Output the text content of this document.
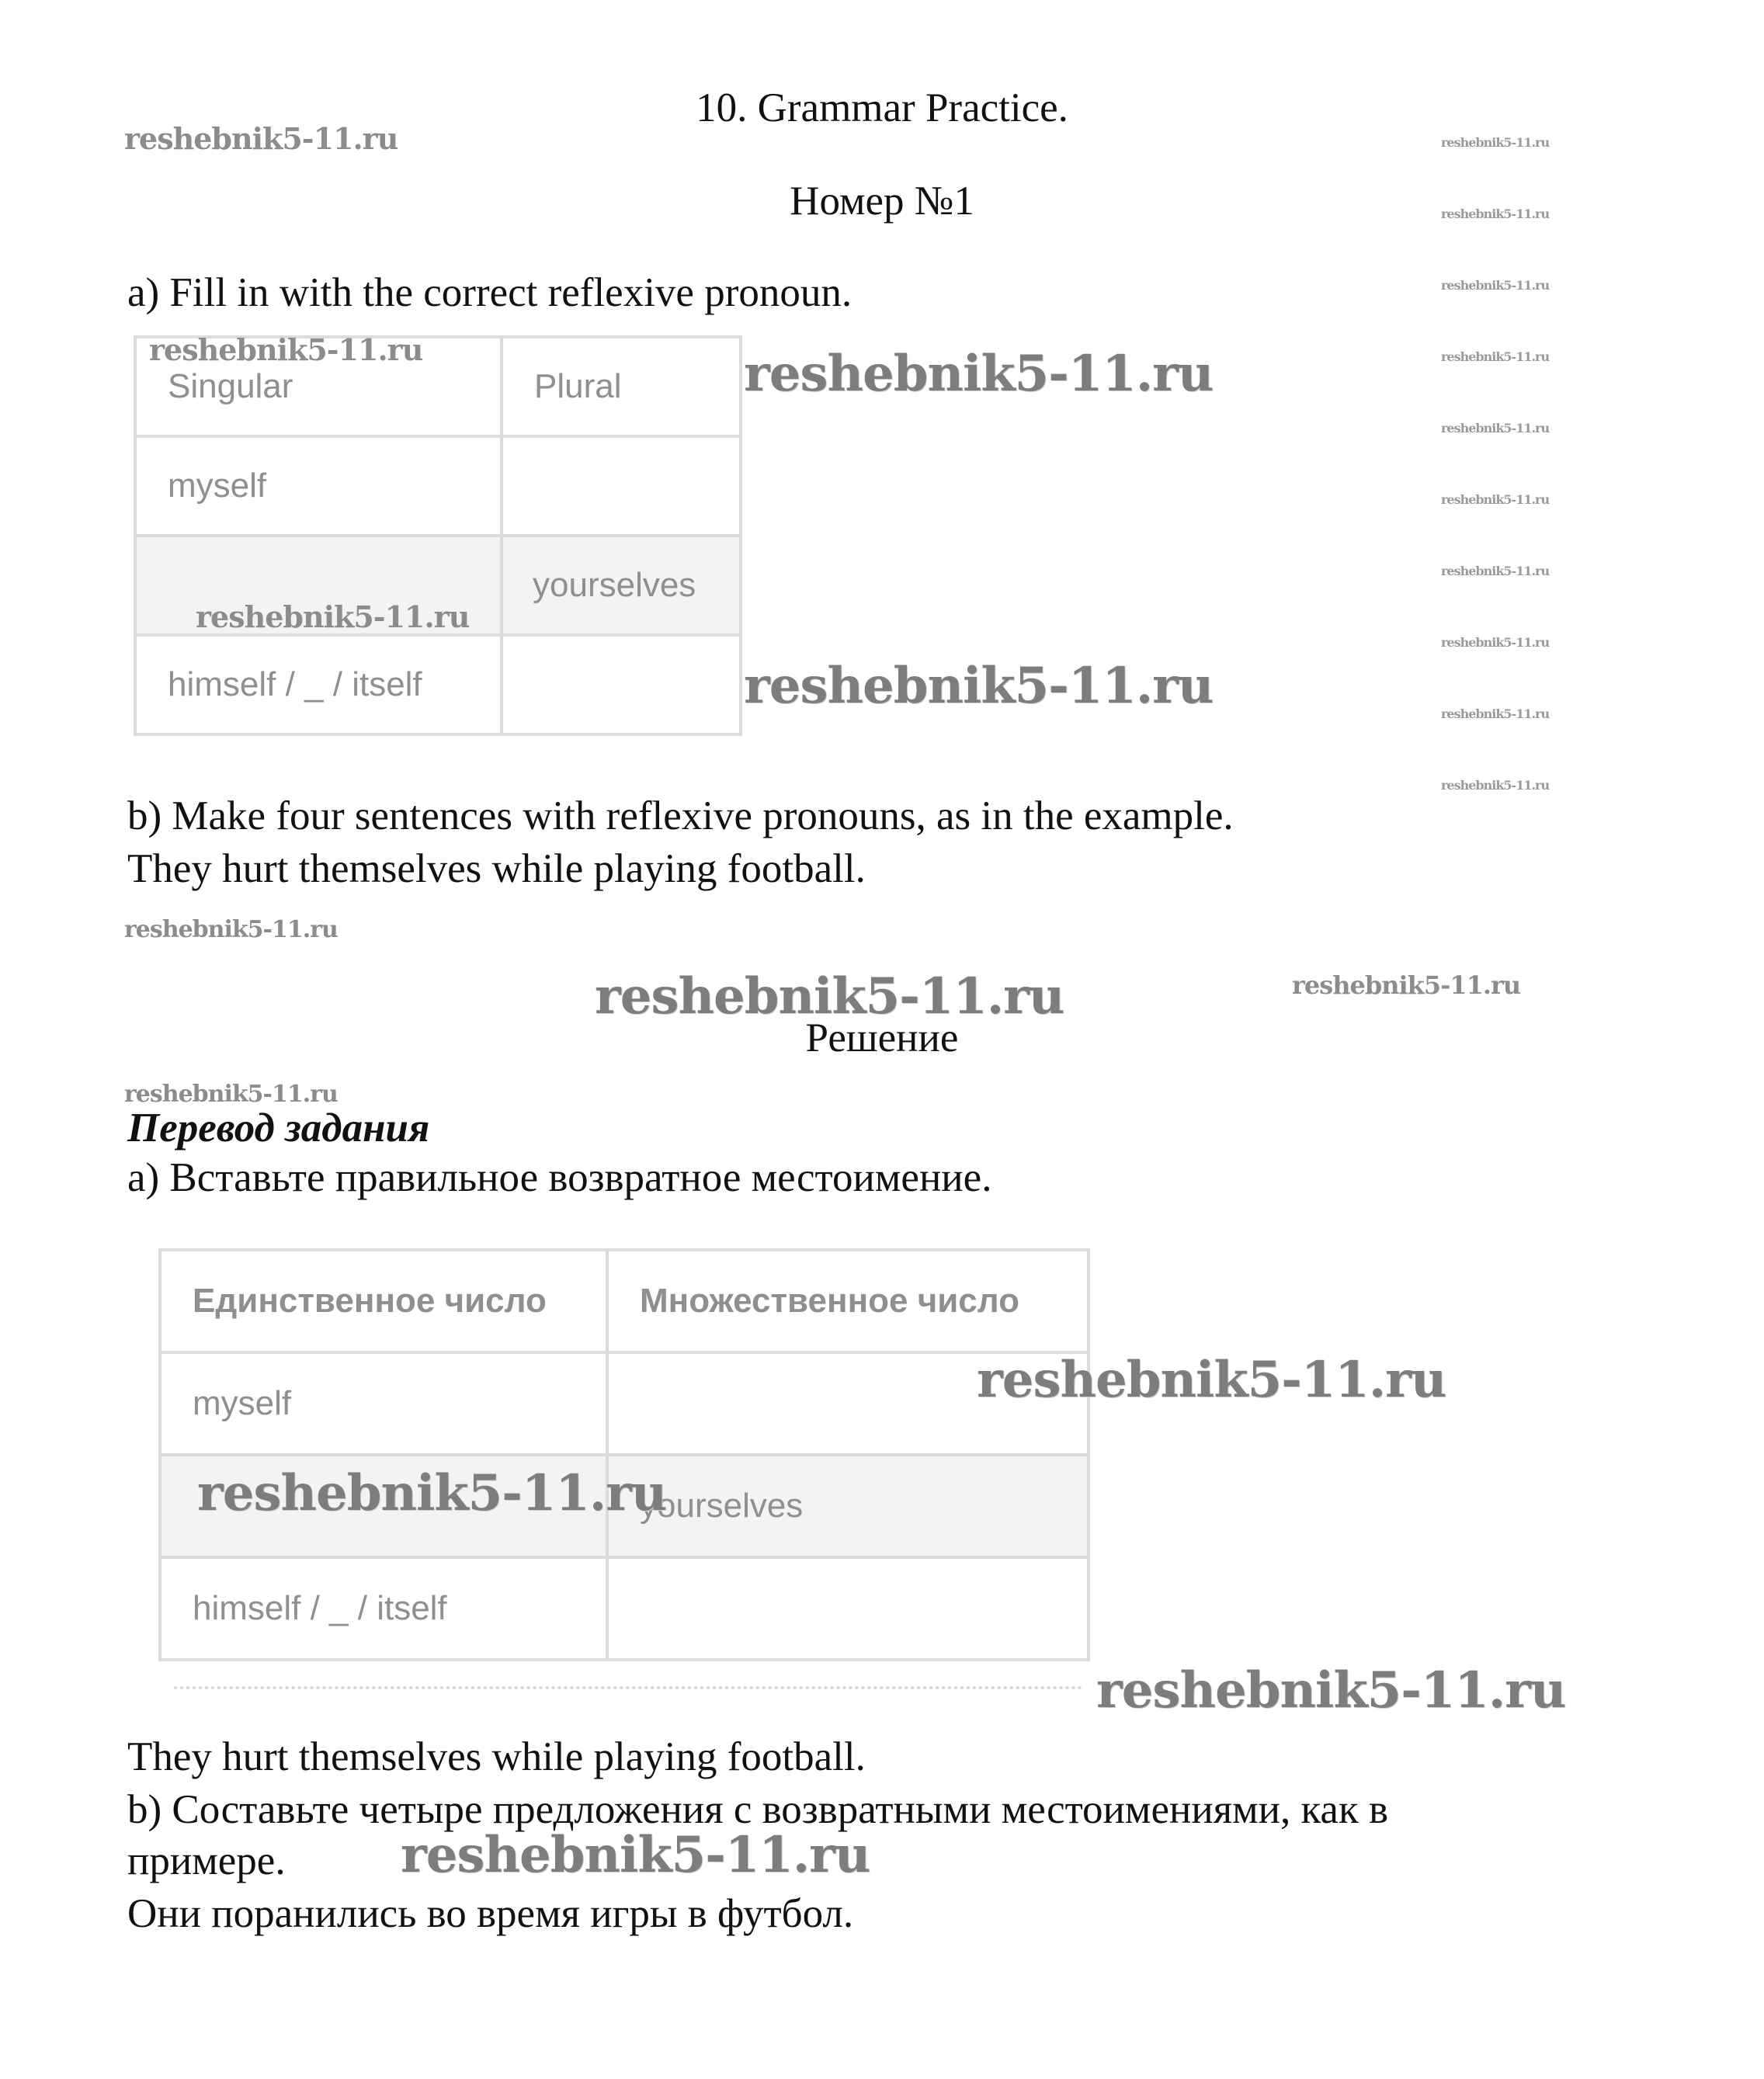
10. Grammar Practice.
Номер №1
a) Fill in with the correct reflexive pronoun.
Singular	Plural
myself	
	yourselves
himself / _ / itself	
b) Make four sentences with reflexive pronouns, as in the example.
They hurt themselves while playing football.
Решение
Перевод задания
a) Вставьте правильное возвратное местоимение.
Единственное число	Множественное число
myself	
	yourselves
himself / _ / itself	
They hurt themselves while playing football.
b) Составьте четыре предложения с возвратными местоимениями, как в
примере.
Они поранились во время игры в футбол.
reshebnik5-11.ru
reshebnik5-11.ru	reshebnik5-11.ru
reshebnik5-11.ru
reshebnik5-11.ru
reshebnik5-11.ru
reshebnik5-11.ru
reshebnik5-11.ru
reshebnik5-11.ru
reshebnik5-11.ru
reshebnik5-11.ru
reshebnik5-11.ru
reshebnik5-11.ru
reshebnik5-11.ru
reshebnik5-11.ru
reshebnik5-11.ru
reshebnik5-11.ru	reshebnik5-11.ru
reshebnik5-11.ru
reshebnik5-11.ru
reshebnik5-11.ru
reshebnik5-11.ru
reshebnik5-11.ru
